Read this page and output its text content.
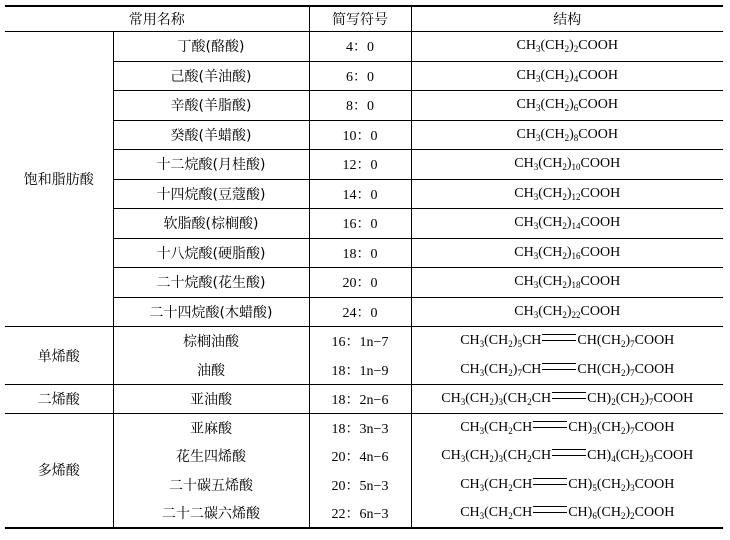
常用名称		简写符号	结构
饱和脂肪酸	丁酸(酪酸)	4：0	$CH_3(CH_2)_2COOH$
	己酸(羊油酸)	6：0	$CH_3(CH_2)_4COOH$
	辛酸(羊脂酸)	8：0	$CH_3(CH_2)_6COOH$
	癸酸(羊蜡酸)	10：0	$CH_3(CH_2)_8COOH$
	十二烷酸(月桂酸)	12：0	$CH_3(CH_2)_{10}COOH$
	十四烷酸(豆蔻酸)	14：0	$CH_3(CH_2)_{12}COOH$
	软脂酸(棕榈酸)	16：0	$CH_3(CH_2)_{14}COOH$
	十八烷酸(硬脂酸)	18：0	$CH_3(CH_2)_{16}COOH$
	二十烷酸(花生酸)	20：0	$CH_3(CH_2)_{18}COOH$
	二十四烷酸(木蜡酸)	24：0	$CH_3(CH_2)_{22}COOH$
单烯酸	棕榈油酸	16：1n−7	$CH_3(CH_2)_5CH$ $CH(CH_2)_7COOH$
	油酸	18：1n−9	$CH_3(CH_2)_7CH$ $CH(CH_2)_7COOH$
二烯酸	亚油酸	18：2n−6	$CH_3(CH_2)_3(CH_2CH$ $CH)_2(CH_2)_7COOH$
多烯酸	亚麻酸	18：3n−3	$CH_3(CH_2CH$ $CH)_3(CH_2)_7COOH$
	花生四烯酸	20：4n−6	$CH_3(CH_2)_3(CH_2CH$ $CH)_4(CH_2)_3COOH$
	二十碳五烯酸	20：5n−3	$CH_3(CH_2CH$ $CH)_5(CH_2)_3COOH$
	二十二碳六烯酸	22：6n−3	$CH_3(CH_2CH$ $CH)_6(CH_2)_2COOH$
